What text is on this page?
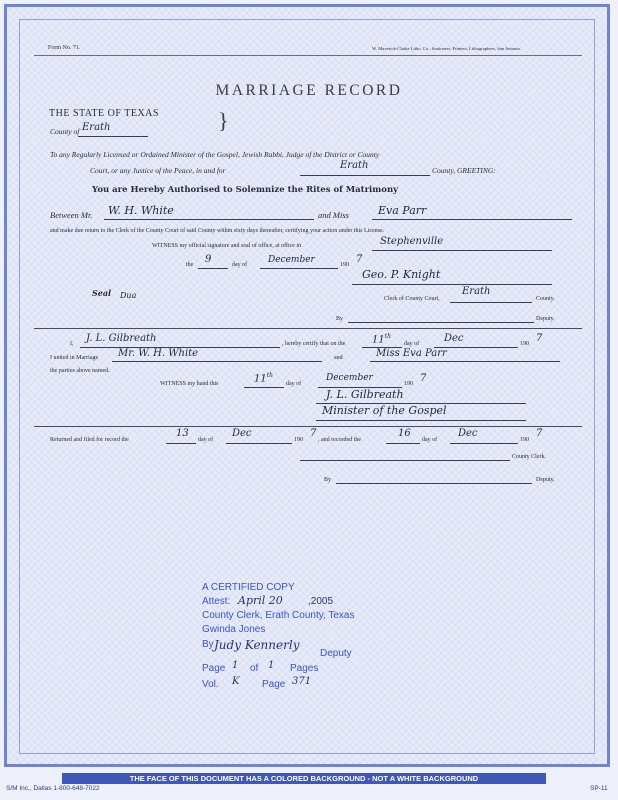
Form No. 71.	W. Maverick-Clarke Litho. Co., Stationers, Printers, Lithographers, San Antonio.
MARRIAGE RECORD
THE STATE OF TEXAS
County of Erath	}
To any Regularly Licensed or Ordained Minister of the Gospel, Jewish Rabbi, Judge of the District or County
Court, or any Justice of the Peace, in and for	Erath	County, GREETING:
You are Hereby Authorised to Solemnize the Rites of Matrimony
Between Mr. W. H. White	and Miss	Eva Parr
and make due return to the Clerk of the County Court of said County within sixty days thereafter, certifying your action under this License.
WITNESS my official signature and seal of office, at office in	Stephenville
the 9	day of December	190 7
Geo. P. Knight
Seal Dua	Clerk of County Court,
Erath
County.
By	Deputy.
I, J. L. Gilbreath	, hereby certify that on the	11th
day of Dec	190 7
I united in Marriage Mr. W. H. White	and	Miss Eva Parr
the parties above named.
WITNESS my hand this	11th
day of
December
190 7
J. L. Gilbreath
Minister of the Gospel
Returned and filed for record the
13
day of
Dec
190
7
, and recorded the
16
day of
Dec
190
7
County Clerk.
By	Deputy.
A CERTIFIED COPY
Attest: April 20	,2005
County Clerk, Erath County, Texas
Gwinda Jones
By Judy Kennerly
Deputy
Page 1 of 1 Pages
Vol. K Page 371
THE FACE OF THIS DOCUMENT HAS A COLORED BACKGROUND - NOT A WHITE BACKGROUND
S/M Inc., Dallas 1-800-648-7022	SP-11
